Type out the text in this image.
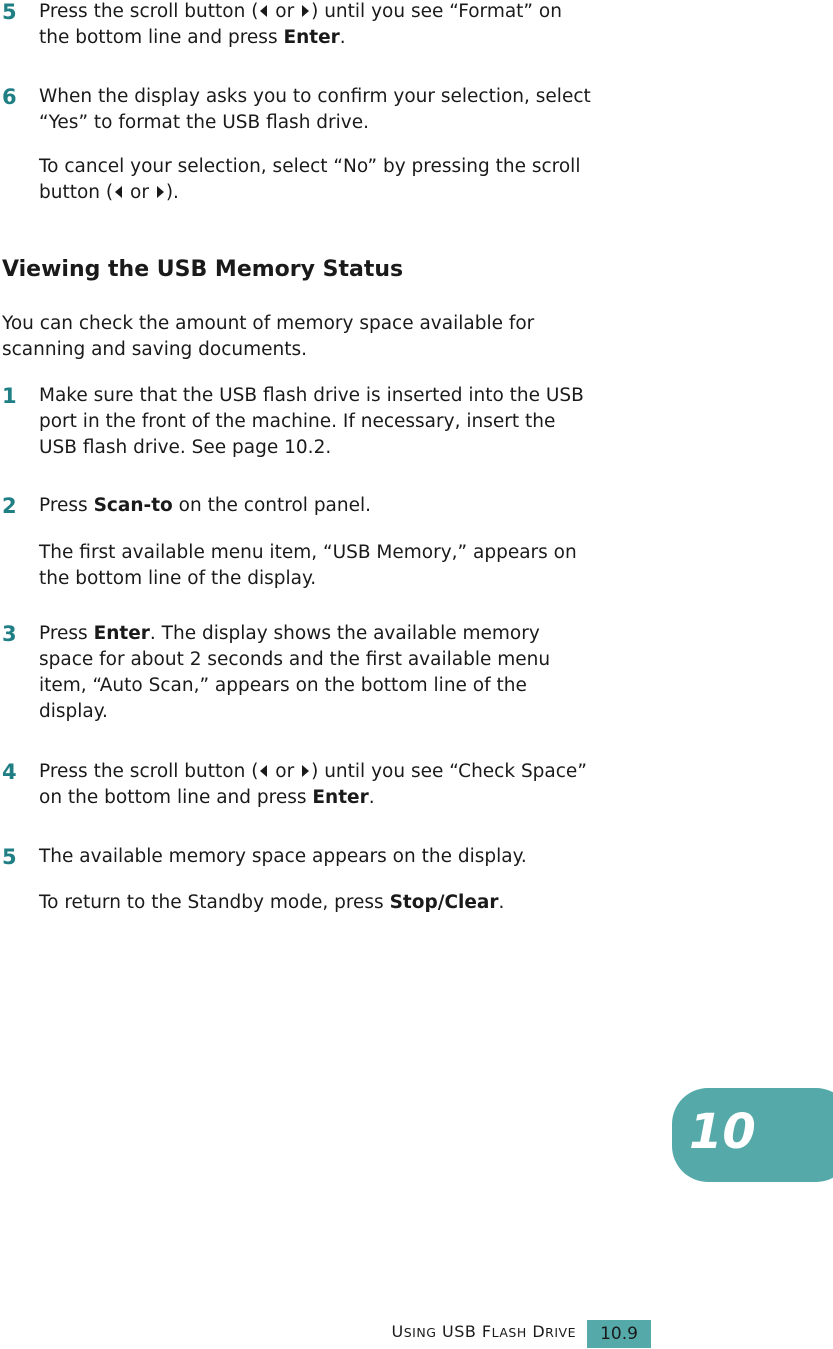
5 Press the scroll button ( or ) until you see “Format” on
the bottom line and press Enter.
6 When the display asks you to confirm your selection, select
“Yes” to format the USB flash drive.
To cancel your selection, select “No” by pressing the scroll
button ( or ).
Viewing the USB Memory Status
You can check the amount of memory space available for
scanning and saving documents.
1 Make sure that the USB flash drive is inserted into the USB
port in the front of the machine. If necessary, insert the
USB flash drive. See page 10.2.
2 Press Scan-to on the control panel.
The first available menu item, “USB Memory,” appears on
the bottom line of the display.
3 Press Enter. The display shows the available memory
space for about 2 seconds and the first available menu
item, “Auto Scan,” appears on the bottom line of the
display.
4 Press the scroll button ( or ) until you see “Check Space”
on the bottom line and press Enter.
5 The available memory space appears on the display.
To return to the Standby mode, press Stop/Clear.
10
USING USB FLASH DRIVE	10.9
